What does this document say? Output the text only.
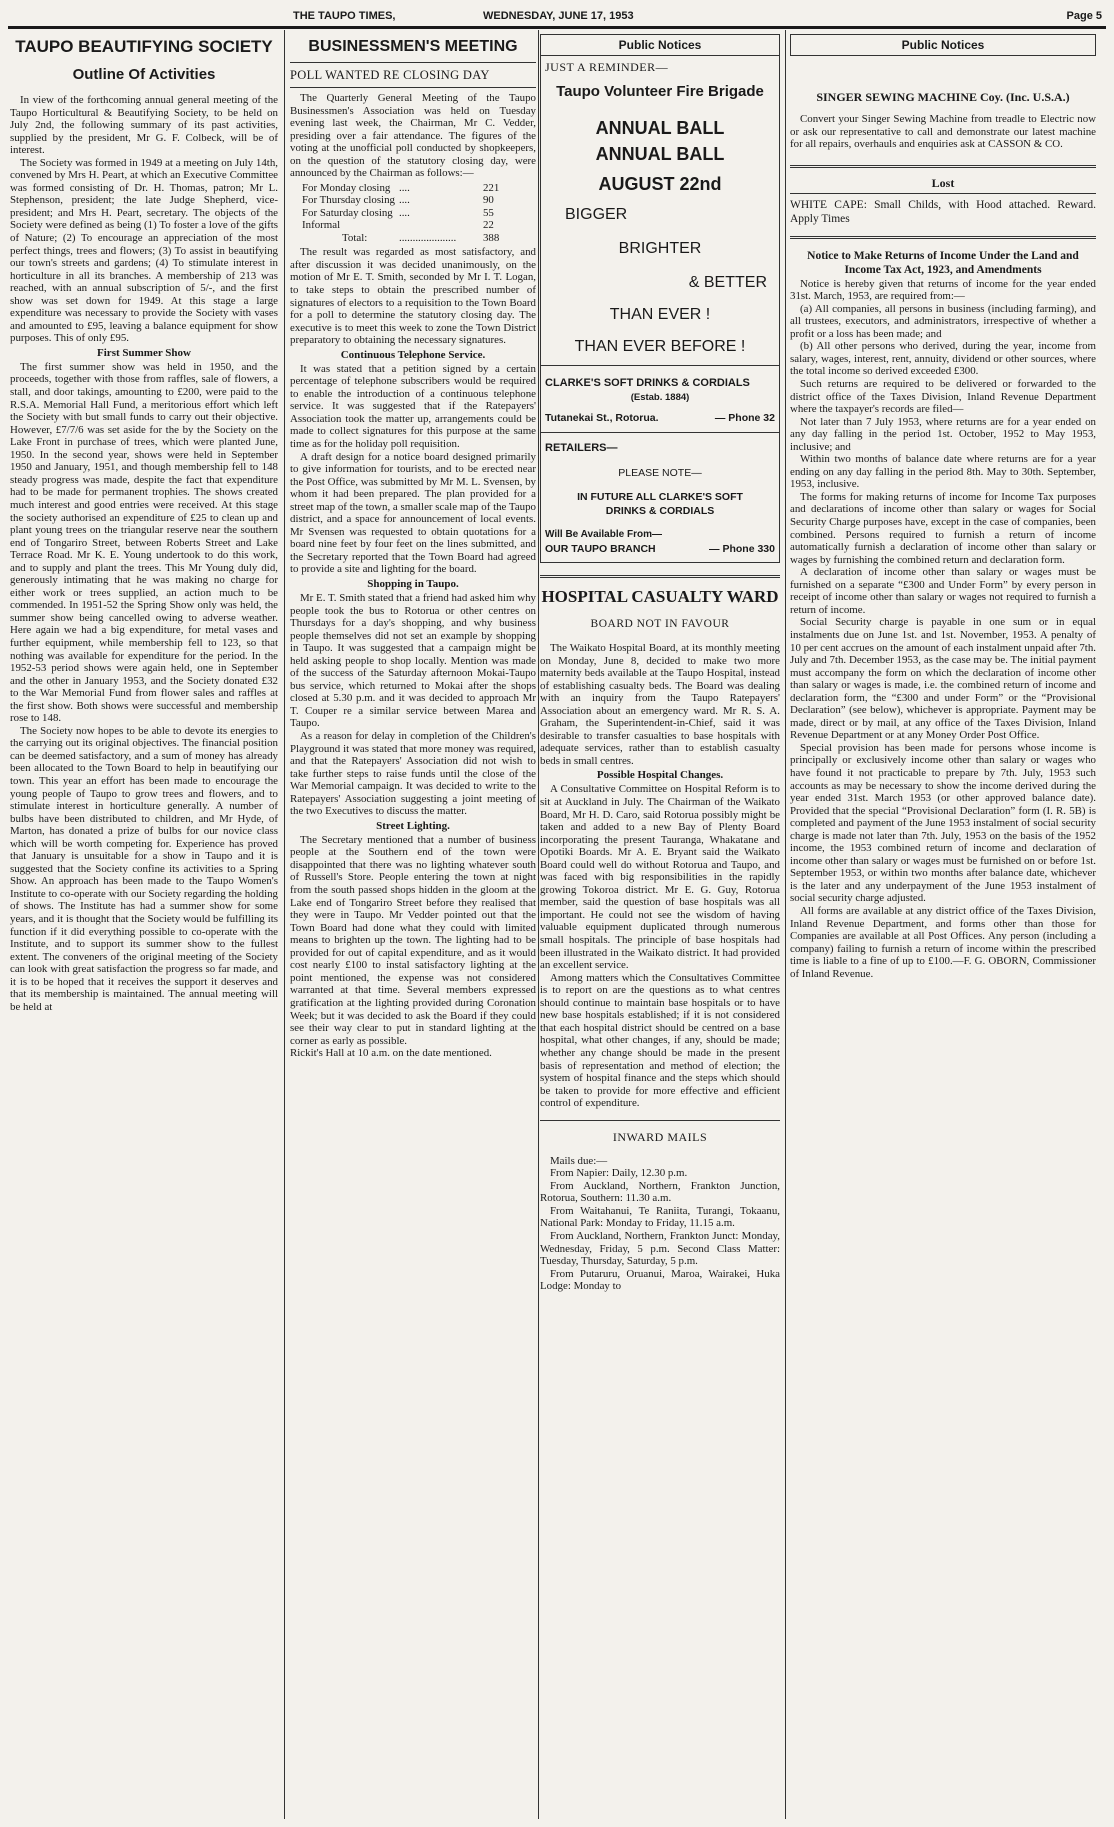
THE TAUPO TIMES,	WEDNESDAY, JUNE 17, 1953	Page 5
TAUPO BEAUTIFYING SOCIETY
Outline Of Activities

In view of the forthcoming annual general meeting of the Taupo Horticultural & Beautifying Society, to be held on July 2nd, the following summary of its past activities, supplied by the president, Mr G. F. Colbeck, will be of interest.

The Society was formed in 1949 at a meeting on July 14th, convened by Mrs H. Peart, at which an Executive Committee was formed consisting of Dr. H. Thomas, patron; Mr L. Stephenson, president; the late Judge Shepherd, vice-president; and Mrs H. Peart, secretary. The objects of the Society were defined as being (1) To foster a love of the gifts of Nature; (2) To encourage an appreciation of the most perfect things, trees and flowers; (3) To assist in beautifying our town's streets and gardens; (4) To stimulate interest in horticulture in all its branches. A membership of 213 was reached, with an annual subscription of 5/-, and the first show was set down for 1949. At this stage a large expenditure was necessary to provide the Society with vases and amounted to £95, leaving a balance equipment for show purposes. This of only £95.

First Summer Show

The first summer show was held in 1950, and the proceeds, together with those from raffles, sale of flowers, a stall, and door takings, amounting to £200, were paid to the R.S.A. Memorial Hall Fund, a meritorious effort which left the Society with but small funds to carry out their objective. However, £7/7/6 was set aside for the by the Society on the Lake Front in purchase of trees, which were planted June, 1950. In the second year, shows were held in September 1950 and January, 1951, and though membership fell to 148 steady progress was made, despite the fact that expenditure had to be made for permanent trophies. The shows created much interest and good entries were received. At this stage the society authorised an expenditure of £25 to clean up and plant young trees on the triangular reserve near the southern end of Tongariro Street, between Roberts Street and Lake Terrace Road. Mr K. E. Young undertook to do this work, and to supply and plant the trees. This Mr Young duly did, generously intimating that he was making no charge for either work or trees supplied, an action much to be commended. In 1951-52 the Spring Show only was held, the summer show being cancelled owing to adverse weather. Here again we had a big expenditure, for metal vases and further equipment, while membership fell to 123, so that nothing was available for expenditure for the period. In the 1952-53 period shows were again held, one in September and the other in January 1953, and the Society donated £32 to the War Memorial Fund from flower sales and raffles at the first show. Both shows were successful and membership rose to 148.

The Society now hopes to be able to devote its energies to the carrying out its original objectives. The financial position can be deemed satisfactory, and a sum of money has already been allocated to the Town Board to help in beautifying our town. This year an effort has been made to encourage the young people of Taupo to grow trees and flowers, and to stimulate interest in horticulture generally. A number of bulbs have been distributed to children, and Mr Hyde, of Marton, has donated a prize of bulbs for our novice class which will be worth competing for. Experience has proved that January is unsuitable for a show in Taupo and it is suggested that the Society confine its activities to a Spring Show. An approach has been made to the Taupo Women's Institute to co-operate with our Society regarding the holding of shows. The Institute has had a summer show for some years, and it is thought that the Society would be fulfilling its function if it did everything possible to co-operate with the Institute, and to support its summer show to the fullest extent. The conveners of the original meeting of the Society can look with great satisfaction the progress so far made, and it is to be hoped that it receives the support it deserves and that its membership is maintained. The annual meeting will be held at

BUSINESSMEN'S MEETING
POLL WANTED RE CLOSING DAY

The Quarterly General Meeting of the Taupo Businessmen's Association was held on Tuesday evening last week, the Chairman, Mr C. Vedder, presiding over a fair attendance. The figures of the voting at the unofficial poll conducted by shopkeepers, on the question of the statutory closing day, were announced by the Chairman as follows:—

For Monday closing	....	221
For Thursday closing	....	90
For Saturday closing	....	55
Informal		22
Total:	.....................	388

The result was regarded as most satisfactory, and after discussion it was decided unanimously, on the motion of Mr E. T. Smith, seconded by Mr I. T. Logan, to take steps to obtain the prescribed number of signatures of electors to a requisition to the Town Board for a poll to determine the statutory closing day. The executive is to meet this week to zone the Town District preparatory to obtaining the necessary signatures.

Continuous Telephone Service.

It was stated that a petition signed by a certain percentage of telephone subscribers would be required to enable the introduction of a continuous telephone service. It was suggested that if the Ratepayers' Association took the matter up, arrangements could be made to collect signatures for this purpose at the same time as for the holiday poll requisition.

A draft design for a notice board designed primarily to give information for tourists, and to be erected near the Post Office, was submitted by Mr M. L. Svensen, by whom it had been prepared. The plan provided for a street map of the town, a smaller scale map of the Taupo district, and a space for announcement of local events. Mr Svensen was requested to obtain quotations for a board nine feet by four feet on the lines submitted, and the Secretary reported that the Town Board had agreed to provide a site and lighting for the board.

Shopping in Taupo.

Mr E. T. Smith stated that a friend had asked him why people took the bus to Rotorua or other centres on Thursdays for a day's shopping, and why business people themselves did not set an example by shopping in Taupo. It was suggested that a campaign might be held asking people to shop locally. Mention was made of the success of the Saturday afternoon Mokai-Taupo bus service, which returned to Mokai after the shops closed at 5.30 p.m. and it was decided to approach Mr T. Couper re a similar service between Marea and Taupo.

As a reason for delay in completion of the Children's Playground it was stated that more money was required, and that the Ratepayers' Association did not wish to take further steps to raise funds until the close of the War Memorial campaign. It was decided to write to the Ratepayers' Association suggesting a joint meeting of the two Executives to discuss the matter.

Street Lighting.

The Secretary mentioned that a number of business people at the Southern end of the town were disappointed that there was no lighting whatever south of Russell's Store. People entering the town at night from the south passed shops hidden in the gloom at the Lake end of Tongariro Street before they realised that they were in Taupo. Mr Vedder pointed out that the Town Board had done what they could with limited means to brighten up the town. The lighting had to be provided for out of capital expenditure, and as it would cost nearly £100 to instal satisfactory lighting at the point mentioned, the expense was not considered warranted at that time. Several members expressed gratification at the lighting provided during Coronation Week; but it was decided to ask the Board if they could see their way clear to put in standard lighting at the corner as early as possible.

Rickit's Hall at 10 a.m. on the date mentioned.

Public Notices
JUST A REMINDER—
Taupo Volunteer Fire Brigade
ANNUAL BALL
ANNUAL BALL
AUGUST 22nd
BIGGER
BRIGHTER
& BETTER
THAN EVER !
THAN EVER BEFORE !
CLARKE'S SOFT DRINKS & CORDIALS
(Estab. 1884)
Tutanekai St., Rotorua.	— Phone 32
RETAILERS—
PLEASE NOTE—
IN FUTURE ALL CLARKE'S SOFT DRINKS & CORDIALS
Will Be Available From—
OUR TAUPO BRANCH	— Phone 330
HOSPITAL CASUALTY WARD
BOARD NOT IN FAVOUR

The Waikato Hospital Board, at its monthly meeting on Monday, June 8, decided to make two more maternity beds available at the Taupo Hospital, instead of establishing casualty beds. The Board was dealing with an inquiry from the Taupo Ratepayers' Association about an emergency ward. Mr R. S. A. Graham, the Superintendent-in-Chief, said it was desirable to transfer casualties to base hospitals with adequate services, rather than to establish casualty beds in small centres.

Possible Hospital Changes.

A Consultative Committee on Hospital Reform is to sit at Auckland in July. The Chairman of the Waikato Board, Mr H. D. Caro, said Rotorua possibly might be taken and added to a new Bay of Plenty Board incorporating the present Tauranga, Whakatane and Opotiki Boards. Mr A. E. Bryant said the Waikato Board could well do without Rotorua and Taupo, and was faced with big responsibilities in the rapidly growing Tokoroa district. Mr E. G. Guy, Rotorua member, said the question of base hospitals was all important. He could not see the wisdom of having valuable equipment duplicated through numerous small hospitals. The principle of base hospitals had been illustrated in the Waikato district. It had provided an excellent service.

Among matters which the Consultatives Committee is to report on are the questions as to what centres should continue to maintain base hospitals or to have new base hospitals established; if it is not considered that each hospital district should be centred on a base hospital, what other changes, if any, should be made; whether any change should be made in the present basis of representation and method of election; the system of hospital finance and the steps which should be taken to provide for more effective and efficient control of expenditure.

INWARD MAILS

Mails due:—

From Napier: Daily, 12.30 p.m.

From Auckland, Northern, Frankton Junction, Rotorua, Southern: 11.30 a.m.

From Waitahanui, Te Raniita, Turangi, Tokaanu, National Park: Monday to Friday, 11.15 a.m.

From Auckland, Northern, Frankton Junct: Monday, Wednesday, Friday, 5 p.m. Second Class Matter: Tuesday, Thursday, Saturday, 5 p.m.

From Putaruru, Oruanui, Maroa, Wairakei, Huka Lodge: Monday to

Public Notices
SINGER SEWING MACHINE Coy. (Inc. U.S.A.)

Convert your Singer Sewing Machine from treadle to Electric now or ask our representative to call and demonstrate our latest machine for all repairs, overhauls and enquiries ask at CASSON & CO.

Lost

WHITE CAPE: Small Childs, with Hood attached. Reward. Apply Times

Notice to Make Returns of Income Under the Land and Income Tax Act, 1923, and Amendments

Notice is hereby given that returns of income for the year ended 31st. March, 1953, are required from:—

(a) All companies, all persons in business (including farming), and all trustees, executors, and administrators, irrespective of whether a profit or a loss has been made; and

(b) All other persons who derived, during the year, income from salary, wages, interest, rent, annuity, dividend or other sources, where the total income so derived exceeded £300.

Such returns are required to be delivered or forwarded to the district office of the Taxes Division, Inland Revenue Department where the taxpayer's records are filed—

Not later than 7 July 1953, where returns are for a year ended on any day falling in the period 1st. October, 1952 to May 1953, inclusive; and

Within two months of balance date where returns are for a year ending on any day falling in the period 8th. May to 30th. September, 1953, inclusive.

The forms for making returns of income for Income Tax purposes and declarations of income other than salary or wages for Social Security Charge purposes have, except in the case of companies, been combined. Persons required to furnish a return of income automatically furnish a declaration of income other than salary or wages by furnishing the combined return and declaration form.

A declaration of income other than salary or wages must be furnished on a separate “£300 and Under Form” by every person in receipt of income other than salary or wages not required to furnish a return of income.

Social Security charge is payable in one sum or in equal instalments due on June 1st. and 1st. November, 1953. A penalty of 10 per cent accrues on the amount of each instalment unpaid after 7th. July and 7th. December 1953, as the case may be. The initial payment must accompany the form on which the declaration of income other than salary or wages is made, i.e. the combined return of income and declaration form, the “£300 and under Form” or the “Provisional Declaration” (see below), whichever is appropriate. Payment may be made, direct or by mail, at any office of the Taxes Division, Inland Revenue Department or at any Money Order Post Office.

Special provision has been made for persons whose income is principally or exclusively income other than salary or wages who have found it not practicable to prepare by 7th. July, 1953 such accounts as may be necessary to show the income derived during the year ended 31st. March 1953 (or other approved balance date). Provided that the special “Provisional Declaration” form (I. R. 5B) is completed and payment of the June 1953 instalment of social security charge is made not later than 7th. July, 1953 on the basis of the 1952 income, the 1953 combined return of income and declaration of income other than salary or wages must be furnished on or before 1st. September 1953, or within two months after balance date, whichever is the later and any underpayment of the June 1953 instalment of social security charge adjusted.

All forms are available at any district office of the Taxes Division, Inland Revenue Department, and forms other than those for Companies are available at all Post Offices. Any person (including a company) failing to furnish a return of income within the prescribed time is liable to a fine of up to £100.—F. G. OBORN, Commissioner of Inland Revenue.
